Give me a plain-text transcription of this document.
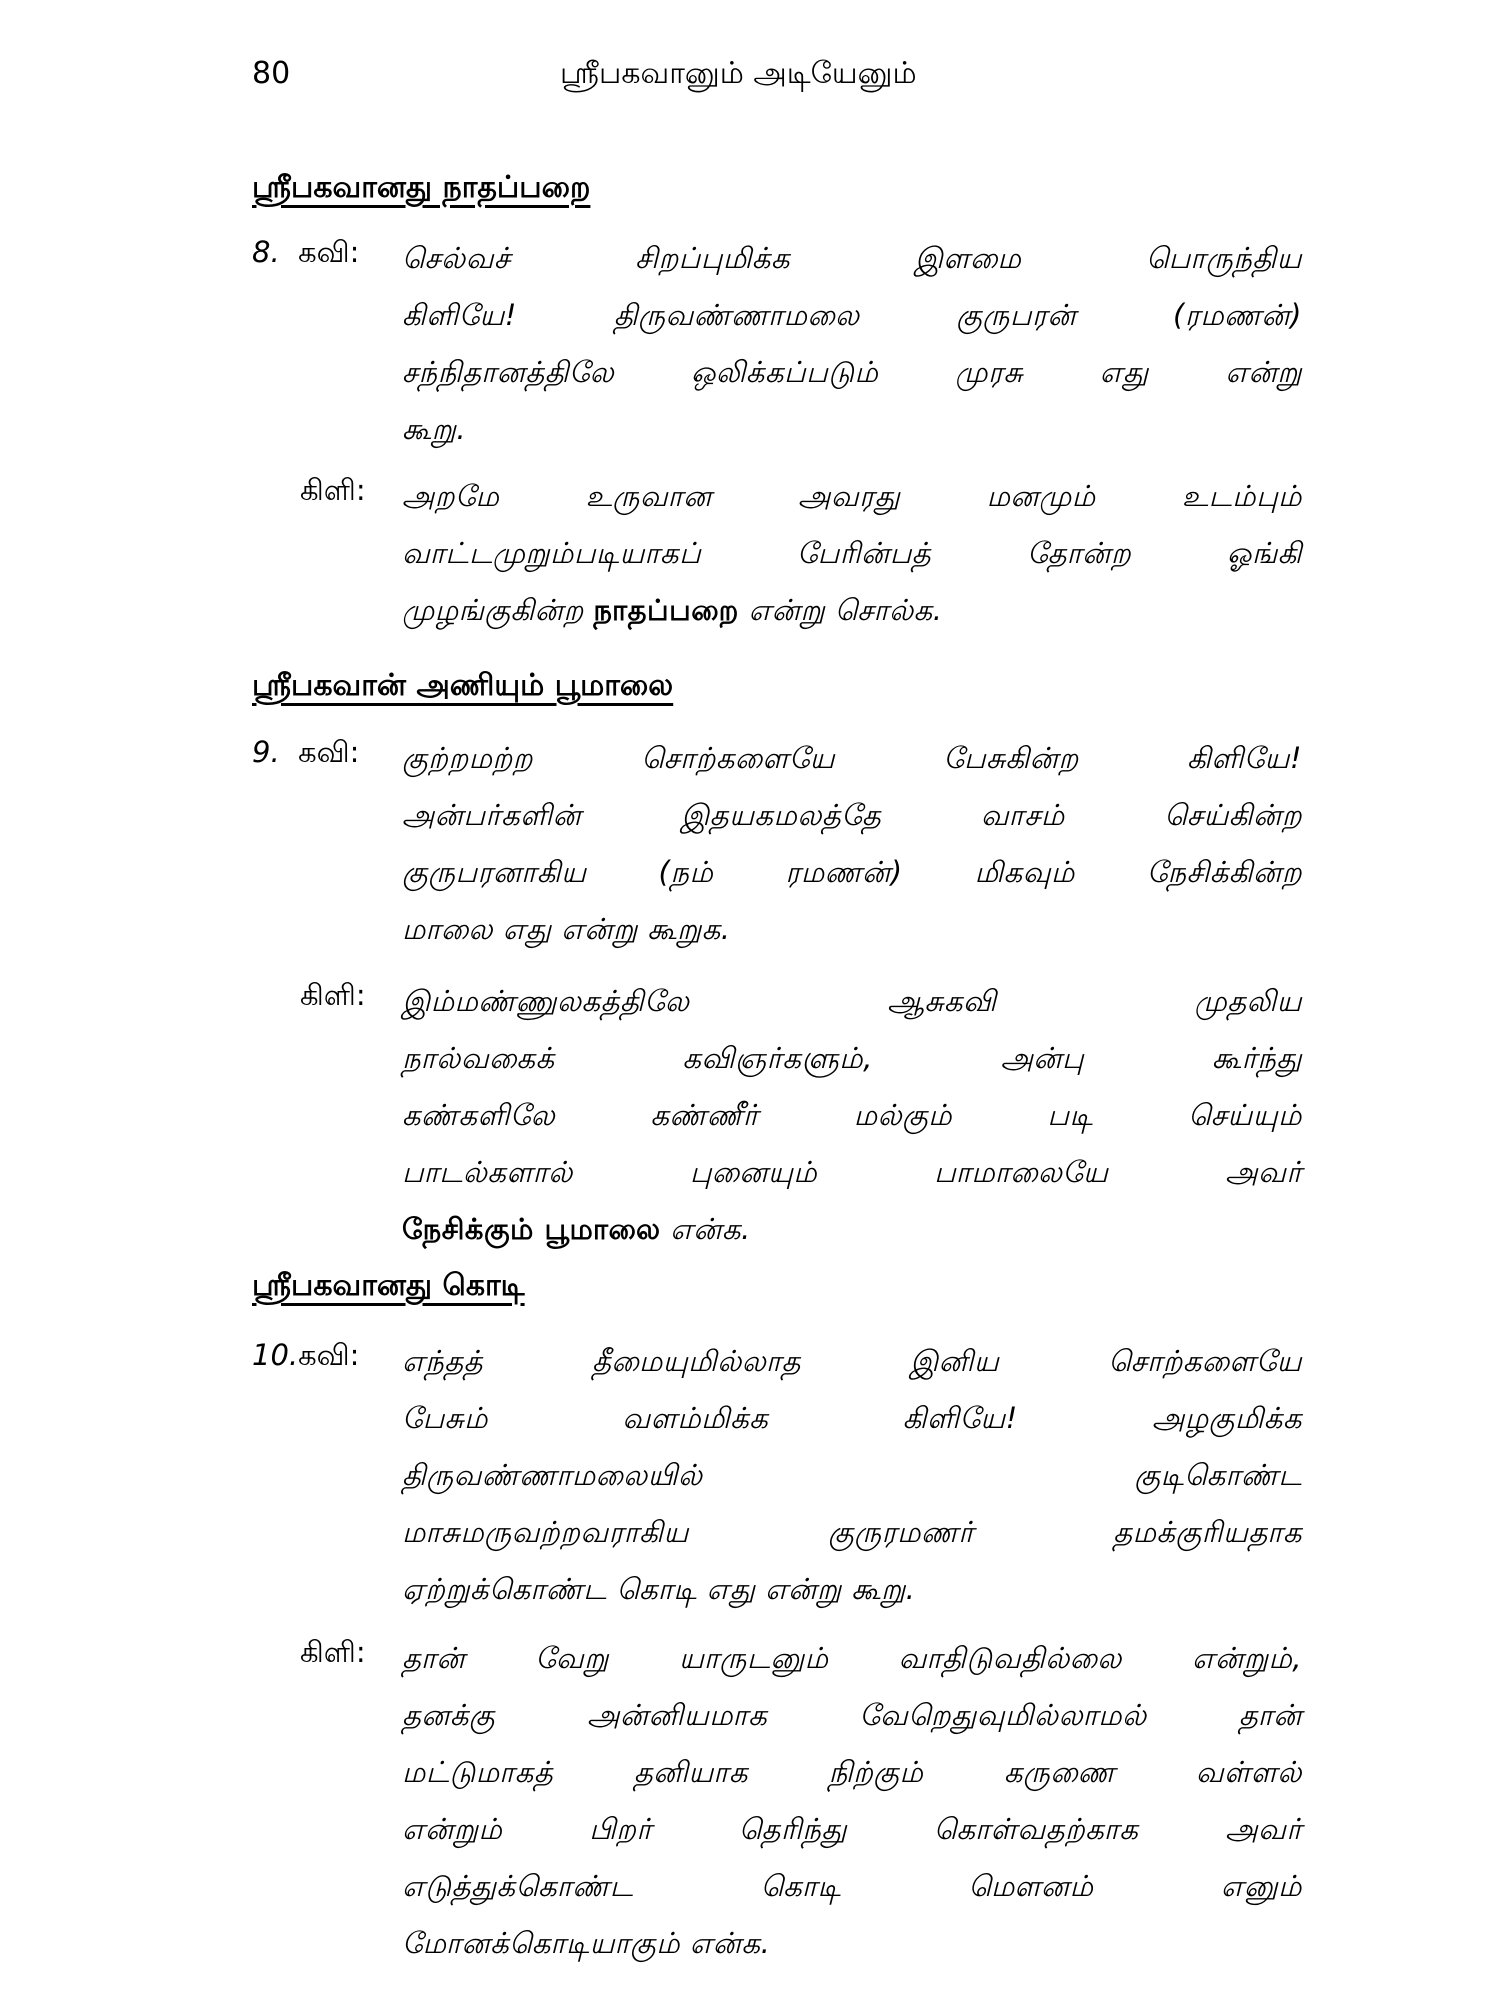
80	ஸ்ரீபகவானும் அடியேனும்
ஸ்ரீபகவானது நாதப்பறை
8. கவி: செல்வச் சிறப்புமிக்க இளமை பொருந்திய
கிளியே! திருவண்ணாமலை குருபரன் (ரமணன்)
சந்நிதானத்திலே ஒலிக்கப்படும் முரசு எது என்று
கூறு.
கிளி: அறமே உருவான அவரது மனமும் உடம்பும்
வாட்டமுறும்படியாகப் பேரின்பத் தோன்ற ஓங்கி
முழங்குகின்ற நாதப்பறை என்று சொல்க.
ஸ்ரீபகவான் அணியும் பூமாலை
9. கவி: குற்றமற்ற சொற்களையே பேசுகின்ற கிளியே!
அன்பர்களின் இதயகமலத்தே வாசம் செய்கின்ற
குருபரனாகிய (நம் ரமணன்) மிகவும் நேசிக்கின்ற
மாலை எது என்று கூறுக.
கிளி: இம்மண்ணுலகத்திலே ஆசுகவி முதலிய
நால்வகைக் கவிஞர்களும், அன்பு கூர்ந்து
கண்களிலே கண்ணீர் மல்கும் படி செய்யும்
பாடல்களால் புனையும் பாமாலையே அவர்
நேசிக்கும் பூமாலை என்க.
ஸ்ரீபகவானது கொடி
10.கவி: எந்தத் தீமையுமில்லாத இனிய சொற்களையே
பேசும் வளம்மிக்க கிளியே! அழகுமிக்க
திருவண்ணாமலையில் குடிகொண்ட
மாசுமருவற்றவராகிய குருரமணர் தமக்குரியதாக
ஏற்றுக்கொண்ட கொடி எது என்று கூறு.
கிளி: தான் வேறு யாருடனும் வாதிடுவதில்லை என்றும்,
தனக்கு அன்னியமாக வேறெதுவுமில்லாமல் தான்
மட்டுமாகத் தனியாக நிற்கும் கருணை வள்ளல்
என்றும் பிறர் தெரிந்து கொள்வதற்காக அவர்
எடுத்துக்கொண்ட கொடி மௌனம் எனும்
மோனக்கொடியாகும் என்க.
